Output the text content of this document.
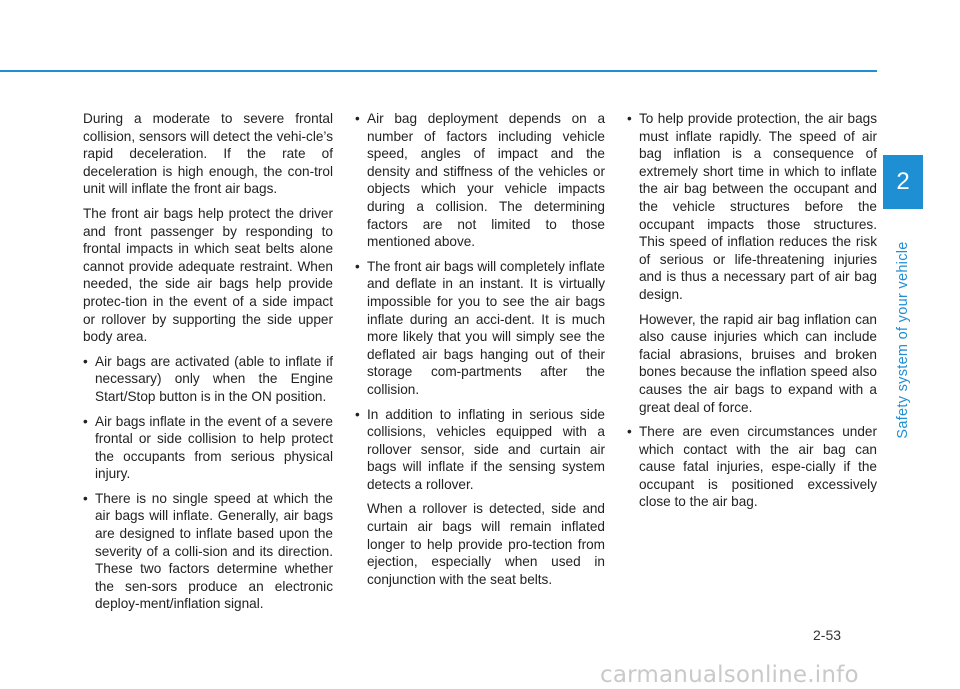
During a moderate to severe frontal collision, sensors will detect the vehi-cle’s rapid deceleration. If the rate of deceleration is high enough, the con-trol unit will inflate the front air bags.

The front air bags help protect the driver and front passenger by responding to frontal impacts in which seat belts alone cannot provide adequate restraint. When needed, the side air bags help provide protec-tion in the event of a side impact or rollover by supporting the side upper body area.

• Air bags are activated (able to inflate if necessary) only when the Engine Start/Stop button is in the ON position.
• Air bags inflate in the event of a severe frontal or side collision to help protect the occupants from serious physical injury.
• There is no single speed at which the air bags will inflate. Generally, air bags are designed to inflate based upon the severity of a colli-sion and its direction. These two factors determine whether the sen-sors produce an electronic deploy-ment/inflation signal.
• Air bag deployment depends on a number of factors including vehicle speed, angles of impact and the density and stiffness of the vehicles or objects which your vehicle impacts during a collision. The determining factors are not limited to those mentioned above.
• The front air bags will completely inflate and deflate in an instant. It is virtually impossible for you to see the air bags inflate during an acci-dent. It is much more likely that you will simply see the deflated air bags hanging out of their storage com-partments after the collision.
• In addition to inflating in serious side collisions, vehicles equipped with a rollover sensor, side and curtain air bags will inflate if the sensing system detects a rollover.

When a rollover is detected, side and curtain air bags will remain inflated longer to help provide pro-tection from ejection, especially when used in conjunction with the seat belts.

• To help provide protection, the air bags must inflate rapidly. The speed of air bag inflation is a consequence of extremely short time in which to inflate the air bag between the occupant and the vehicle structures before the occupant impacts those structures. This speed of inflation reduces the risk of serious or life-threatening injuries and is thus a necessary part of air bag design.

However, the rapid air bag inflation can also cause injuries which can include facial abrasions, bruises and broken bones because the inflation speed also causes the air bags to expand with a great deal of force.

• There are even circumstances under which contact with the air bag can cause fatal injuries, espe-cially if the occupant is positioned excessively close to the air bag.
2
Safety system of your vehicle
2-53
carmanualsonline.info
